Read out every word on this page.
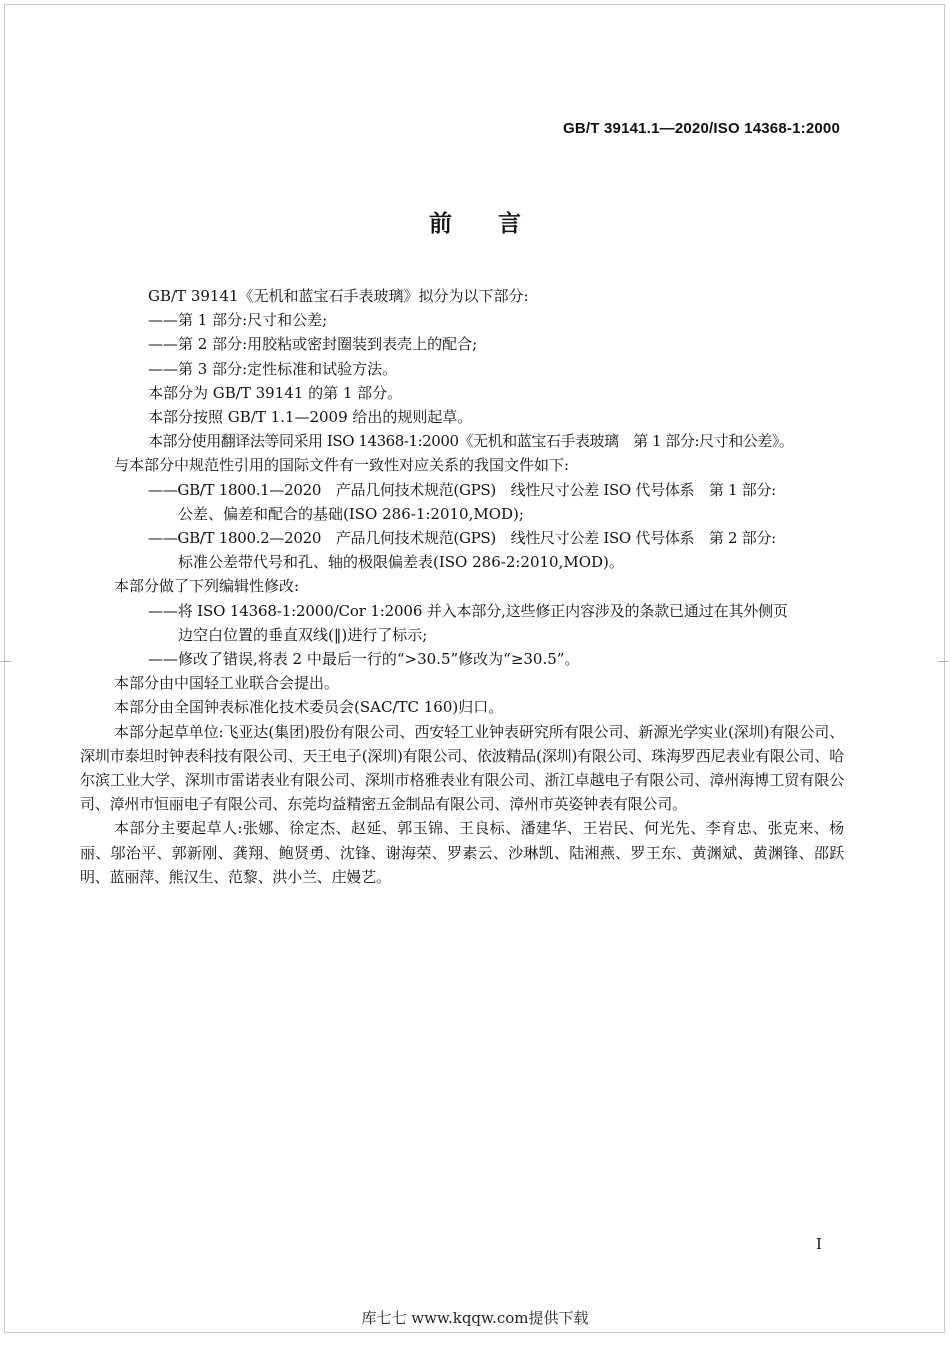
GB/T 39141.1—2020/ISO 14368-1:2000
前言
GB/T 39141《无机和蓝宝石手表玻璃》拟分为以下部分:
——第 1 部分:尺寸和公差;
——第 2 部分:用胶粘或密封圈装到表壳上的配合;
——第 3 部分:定性标准和试验方法。
本部分为 GB/T 39141 的第 1 部分。
本部分按照 GB/T 1.1—2009 给出的规则起草。
本部分使用翻译法等同采用 ISO 14368-1:2000《无机和蓝宝石手表玻璃　第 1 部分:尺寸和公差》。
与本部分中规范性引用的国际文件有一致性对应关系的我国文件如下:
——GB/T 1800.1—2020　产品几何技术规范(GPS)　线性尺寸公差 ISO 代号体系　第 1 部分:
公差、偏差和配合的基础(ISO 286-1:2010,MOD);
——GB/T 1800.2—2020　产品几何技术规范(GPS)　线性尺寸公差 ISO 代号体系　第 2 部分:
标准公差带代号和孔、轴的极限偏差表(ISO 286-2:2010,MOD)。
本部分做了下列编辑性修改:
——将 ISO 14368-1:2000/Cor 1:2006 并入本部分,这些修正内容涉及的条款已通过在其外侧页
边空白位置的垂直双线(‖)进行了标示;
——修改了错误,将表 2 中最后一行的“>30.5”修改为“≥30.5”。
本部分由中国轻工业联合会提出。
本部分由全国钟表标准化技术委员会(SAC/TC 160)归口。
本部分起草单位:飞亚达(集团)股份有限公司、西安轻工业钟表研究所有限公司、新源光学实业(深圳)有限公司、深圳市泰坦时钟表科技有限公司、天王电子(深圳)有限公司、依波精品(深圳)有限公司、珠海罗西尼表业有限公司、哈尔滨工业大学、深圳市雷诺表业有限公司、深圳市格雅表业有限公司、浙江卓越电子有限公司、漳州海博工贸有限公司、漳州市恒丽电子有限公司、东莞均益精密五金制品有限公司、漳州市英姿钟表有限公司。
本部分主要起草人:张娜、徐定杰、赵延、郭玉锦、王良标、潘建华、王岩民、何光先、李育忠、张克来、杨丽、邬治平、郭新刚、龚翔、鲍贤勇、沈锋、谢海荣、罗素云、沙琳凯、陆湘燕、罗王东、黄渊斌、黄渊锋、邵跃明、蓝丽萍、熊汉生、范黎、洪小兰、庄嫚艺。
I
库七七 www.kqqw.com提供下载
